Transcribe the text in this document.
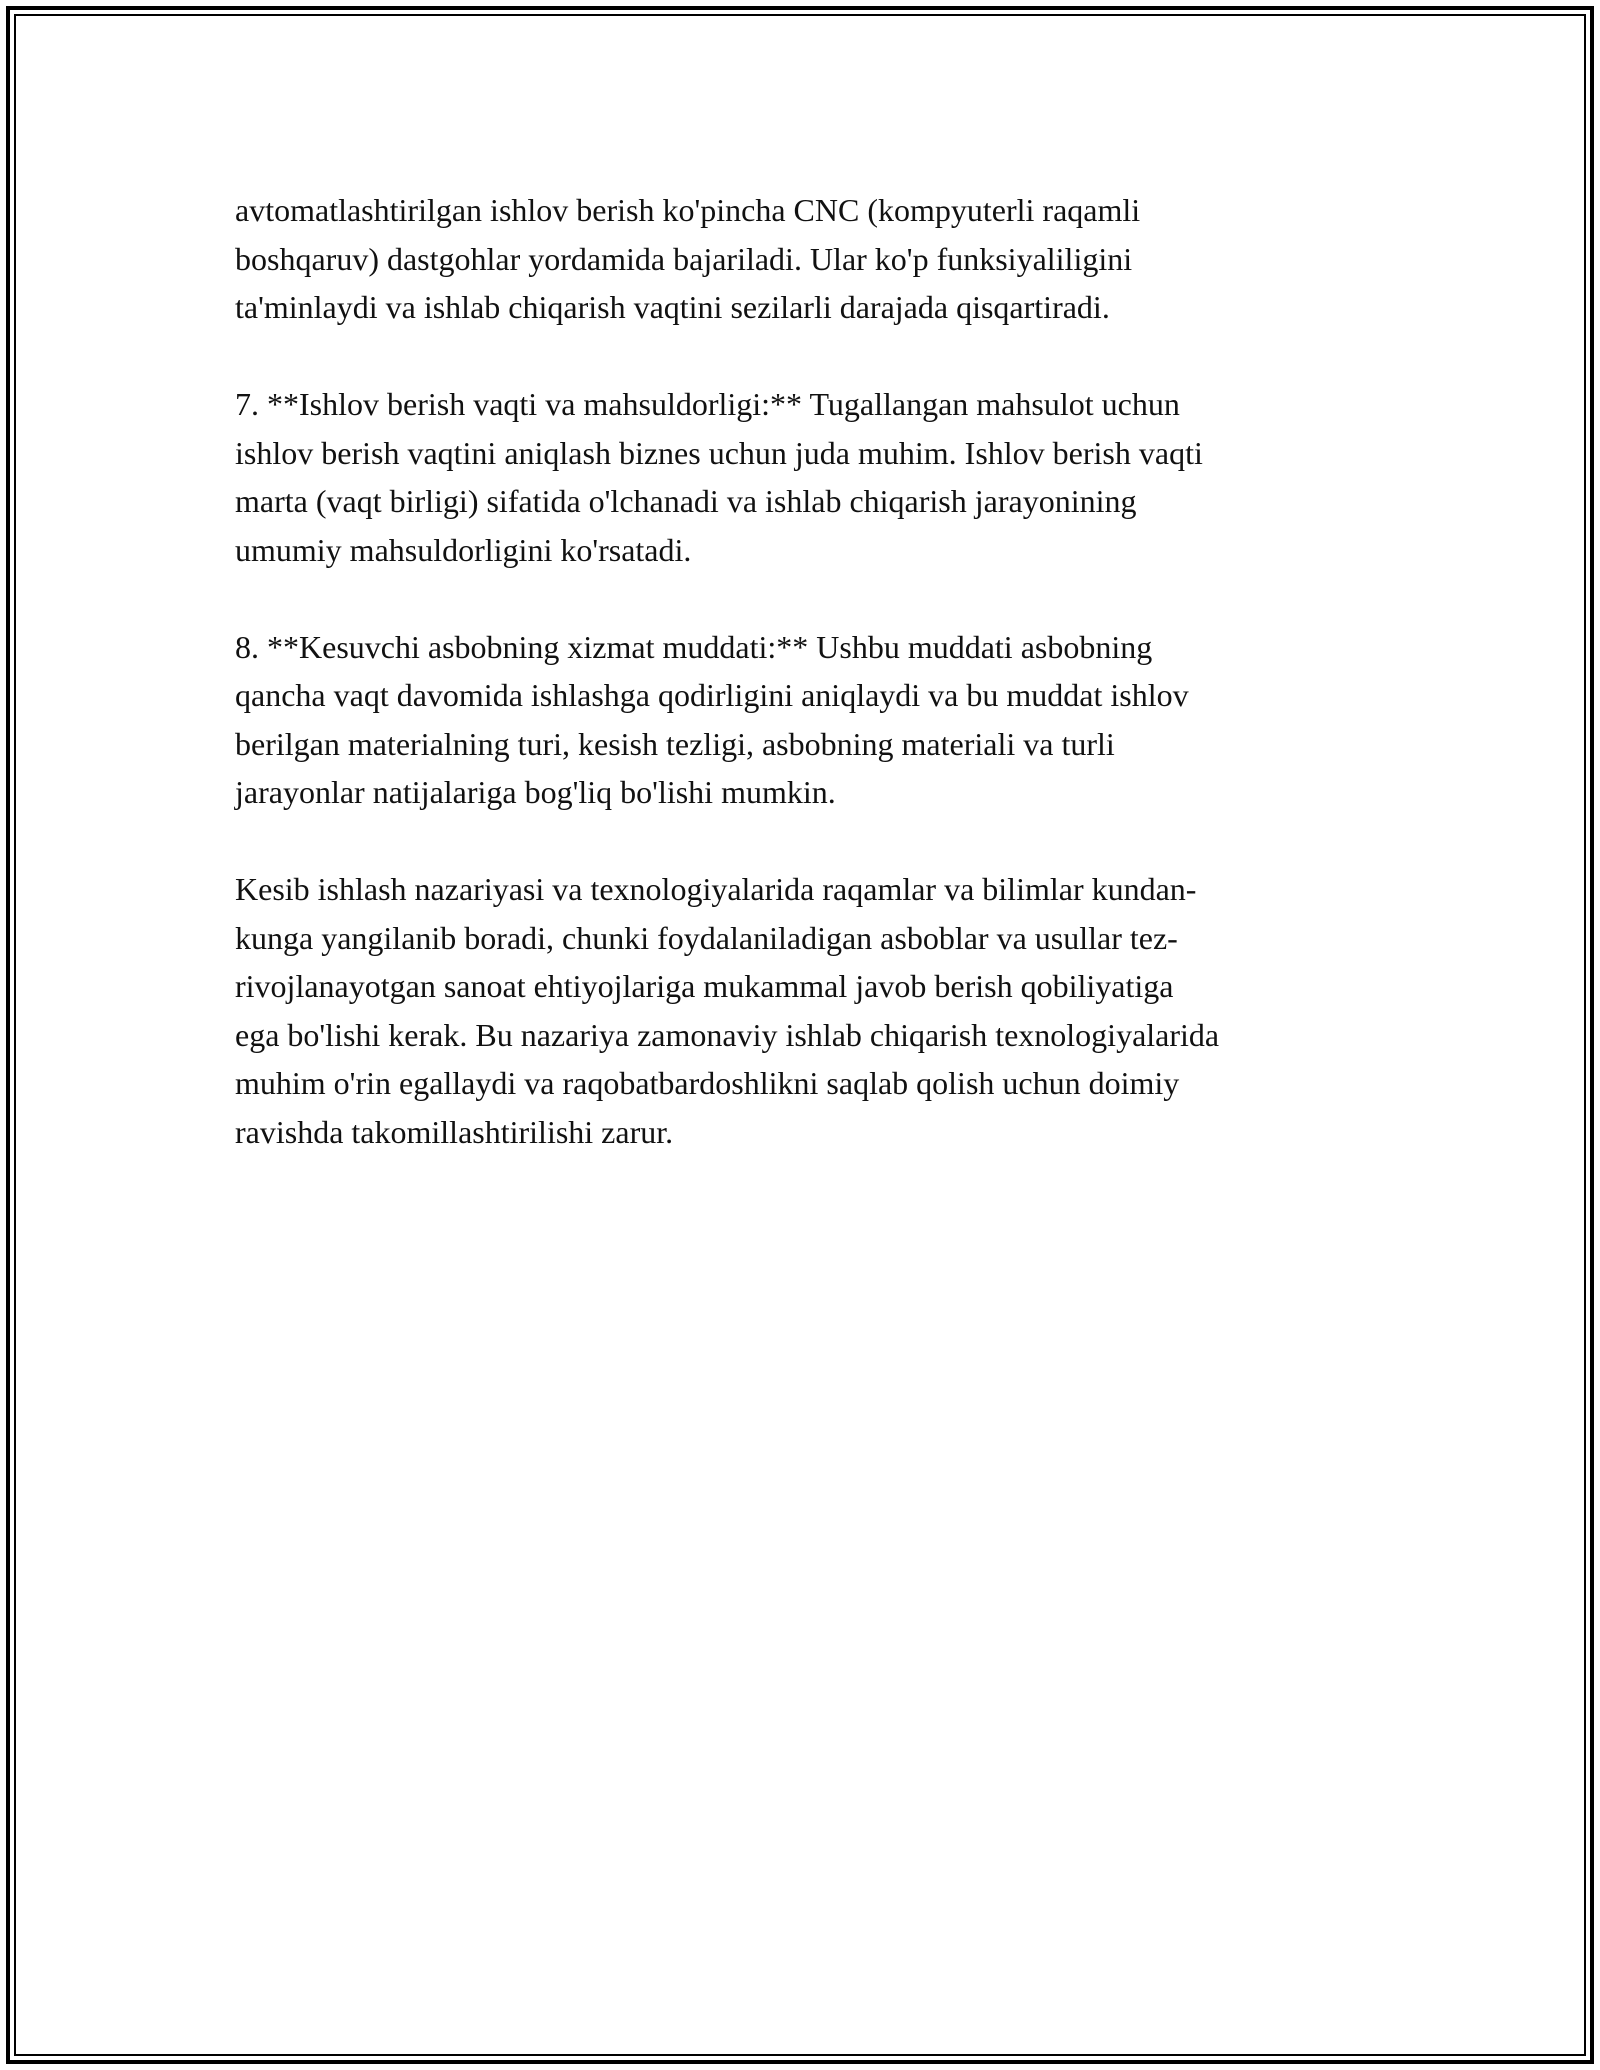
avtomatlashtirilgan ishlov berish ko'pincha CNC (kompyuterli raqamli
boshqaruv) dastgohlar yordamida bajariladi. Ular ko'p funksiyaliligini
ta'minlaydi va ishlab chiqarish vaqtini sezilarli darajada qisqartiradi.

7. **Ishlov berish vaqti va mahsuldorligi:** Tugallangan mahsulot uchun
ishlov berish vaqtini aniqlash biznes uchun juda muhim. Ishlov berish vaqti
marta (vaqt birligi) sifatida o'lchanadi va ishlab chiqarish jarayonining
umumiy mahsuldorligini ko'rsatadi.

8. **Kesuvchi asbobning xizmat muddati:** Ushbu muddati asbobning
qancha vaqt davomida ishlashga qodirligini aniqlaydi va bu muddat ishlov
berilgan materialning turi, kesish tezligi, asbobning materiali va turli
jarayonlar natijalariga bog'liq bo'lishi mumkin.

Kesib ishlash nazariyasi va texnologiyalarida raqamlar va bilimlar kundan-
kunga yangilanib boradi, chunki foydalaniladigan asboblar va usullar tez-
rivojlanayotgan sanoat ehtiyojlariga mukammal javob berish qobiliyatiga
ega bo'lishi kerak. Bu nazariya zamonaviy ishlab chiqarish texnologiyalarida
muhim o'rin egallaydi va raqobatbardoshlikni saqlab qolish uchun doimiy
ravishda takomillashtirilishi zarur.
